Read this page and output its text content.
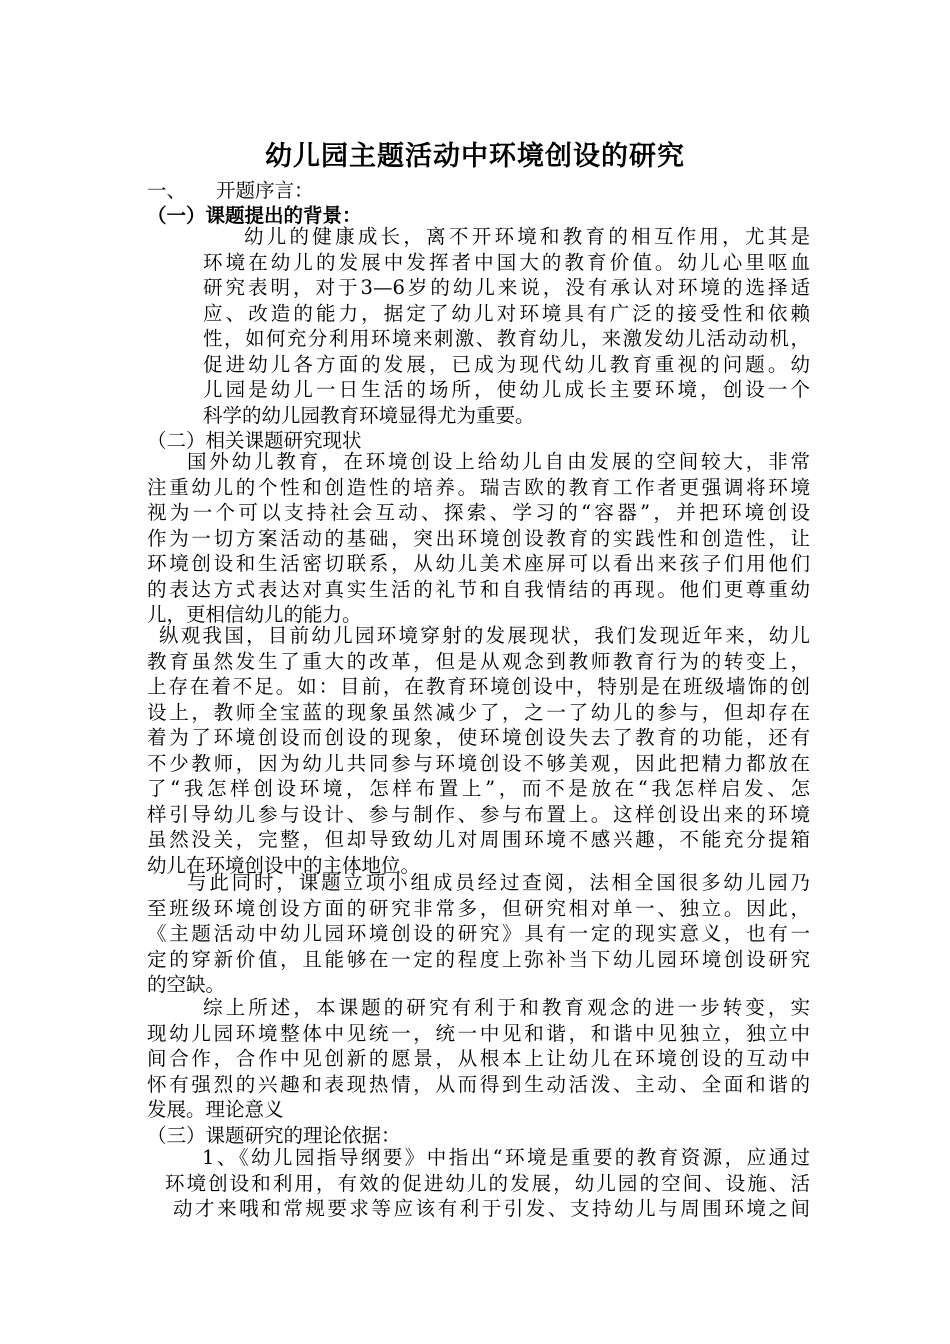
幼儿园主题活动中环境创设的研究
一、 开题序言：
（一）课题提出的背景：
幼儿的健康成长，离不开环境和教育的相互作用，尤其是
环境在幼儿的发展中发挥者中国大的教育价值。幼儿心里呕血
研究表明，对于3—6岁的幼儿来说，没有承认对环境的选择适
应、改造的能力，据定了幼儿对环境具有广泛的接受性和依赖
性，如何充分利用环境来刺激、教育幼儿，来激发幼儿活动动机，
促进幼儿各方面的发展，已成为现代幼儿教育重视的问题。幼
儿园是幼儿一日生活的场所，使幼儿成长主要环境，创设一个
科学的幼儿园教育环境显得尤为重要。
（二）相关课题研究现状
国外幼儿教育，在环境创设上给幼儿自由发展的空间较大，非常
注重幼儿的个性和创造性的培养。瑞吉欧的教育工作者更强调将环境
视为一个可以支持社会互动、探索、学习的“容器”，并把环境创设
作为一切方案活动的基础，突出环境创设教育的实践性和创造性，让
环境创设和生活密切联系，从幼儿美术座屏可以看出来孩子们用他们
的表达方式表达对真实生活的礼节和自我情结的再现。他们更尊重幼
儿，更相信幼儿的能力。
纵观我国，目前幼儿园环境穿射的发展现状，我们发现近年来，幼儿
教育虽然发生了重大的改革，但是从观念到教师教育行为的转变上，
上存在着不足。如：目前，在教育环境创设中，特别是在班级墙饰的创
设上，教师全宝蓝的现象虽然减少了，之一了幼儿的参与，但却存在
着为了环境创设而创设的现象，使环境创设失去了教育的功能，还有
不少教师，因为幼儿共同参与环境创设不够美观，因此把精力都放在
了“我怎样创设环境，怎样布置上”，而不是放在“我怎样启发、怎
样引导幼儿参与设计、参与制作、参与布置上。这样创设出来的环境
虽然没关，完整，但却导致幼儿对周围环境不感兴趣，不能充分提箱
幼儿在环境创设中的主体地位。
与此同时，课题立项小组成员经过查阅，法相全国很多幼儿园乃
至班级环境创设方面的研究非常多，但研究相对单一、独立。因此，
《主题活动中幼儿园环境创设的研究》具有一定的现实意义，也有一
定的穿新价值，且能够在一定的程度上弥补当下幼儿园环境创设研究
的空缺。
综上所述，本课题的研究有利于和教育观念的进一步转变，实
现幼儿园环境整体中见统一，统一中见和谐，和谐中见独立，独立中
间合作，合作中见创新的愿景，从根本上让幼儿在环境创设的互动中
怀有强烈的兴趣和表现热情，从而得到生动活泼、主动、全面和谐的
发展。理论意义
（三）课题研究的理论依据：
1、《幼儿园指导纲要》中指出“环境是重要的教育资源，应通过
环境创设和利用，有效的促进幼儿的发展，幼儿园的空间、设施、活
动才来哦和常规要求等应该有利于引发、支持幼儿与周围环境之间
